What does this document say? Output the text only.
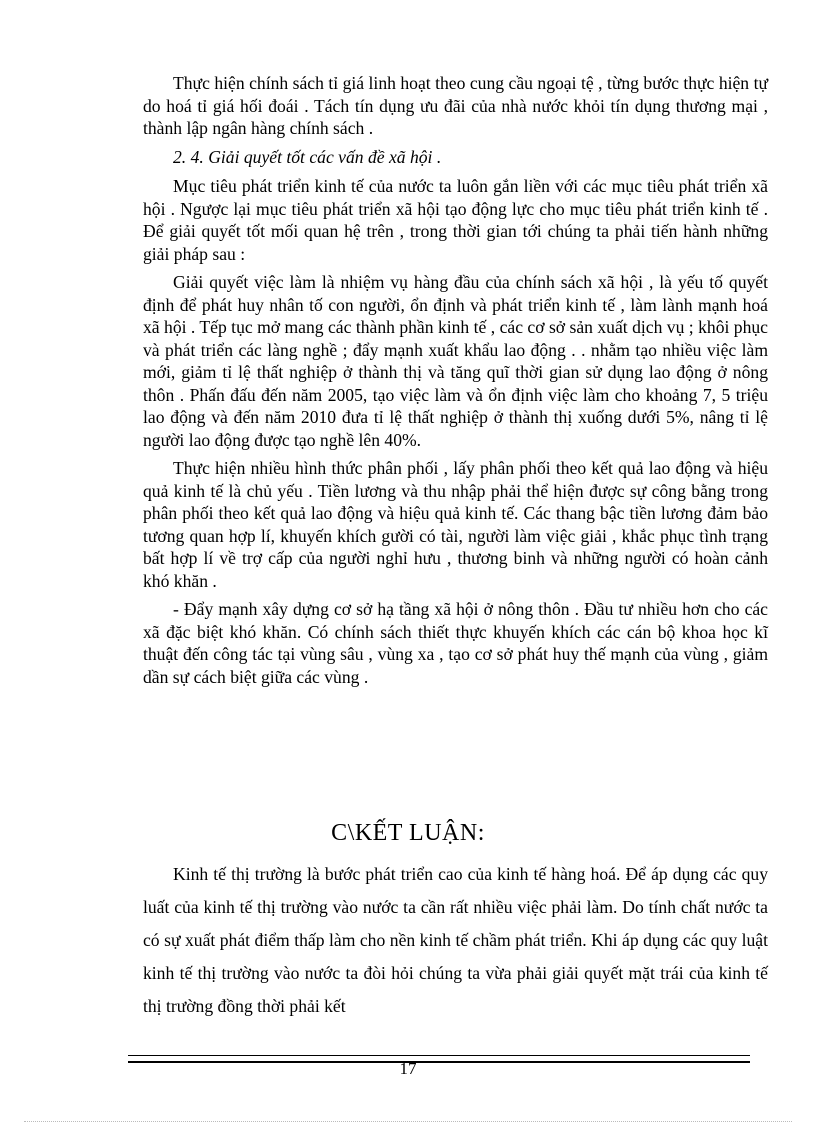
Thực hiện chính sách tỉ giá linh hoạt theo cung cầu ngoại tệ , từng bước thực hiện tự do hoá tỉ giá hối đoái . Tách tín dụng ưu đãi của nhà nước khỏi tín dụng thương mại , thành lập ngân hàng chính sách .

2. 4. Giải quyết tốt các vấn đề xã hội .

Mục tiêu phát triển kinh tế của nước ta luôn gắn liền với các mục tiêu phát triển xã hội . Ngược lại mục tiêu phát triển xã hội tạo động lực cho mục tiêu phát triển kinh tế . Để giải quyết tốt mối quan hệ trên , trong thời gian tới chúng ta phải tiến hành những giải pháp sau :

Giải quyết việc làm là nhiệm vụ hàng đầu của chính sách xã hội , là yếu tố quyết định để phát huy nhân tố con người, ổn định và phát triển kinh tế , làm lành mạnh hoá xã hội . Tếp tục mở mang các thành phần kinh tế , các cơ sở sản xuất dịch vụ ; khôi phục và phát triển các làng nghề ; đẩy mạnh xuất khẩu lao động . . nhằm tạo nhiều việc làm mới, giảm tỉ lệ thất nghiệp ở thành thị và tăng quĩ thời gian sử dụng lao động ở nông thôn . Phấn đấu đến năm 2005, tạo việc làm và ổn định việc làm cho khoảng 7, 5 triệu lao động và đến năm 2010 đưa tỉ lệ thất nghiệp ở thành thị xuống dưới 5%, nâng tỉ lệ người lao động được tạo nghề lên 40%.

Thực hiện nhiều hình thức phân phối , lấy phân phối theo kết quả lao động và hiệu quả kinh tế là chủ yếu . Tiền lương và thu nhập phải thể hiện được sự công bằng trong phân phối theo kết quả lao động và hiệu quả kinh tế. Các thang bậc tiền lương đảm bảo tương quan hợp lí, khuyến khích gười có tài, người làm việc giải , khắc phục tình trạng bất hợp lí về trợ cấp của người nghỉ hưu , thương binh và những người có hoàn cảnh khó khăn .

- Đẩy mạnh xây dựng cơ sở hạ tầng xã hội ở nông thôn . Đầu tư nhiều hơn cho các xã đặc biệt khó khăn. Có chính sách thiết thực khuyến khích các cán bộ khoa học kĩ thuật đến công tác tại vùng sâu , vùng xa , tạo cơ sở phát huy thế mạnh của vùng , giảm dần sự cách biệt giữa các vùng .

C\KẾT LUẬN:

Kinh tế thị trường là bước phát triển cao của kinh tế hàng hoá. Để áp dụng các quy luất của kinh tế thị trường vào nước ta cần rất nhiều việc phải làm. Do tính chất nước ta có sự xuất phát điểm thấp làm cho nền kinh tế chầm phát triển. Khi áp dụng các quy luật kinh tế thị trường vào nước ta đòi hỏi chúng ta vừa phải giải quyết mặt trái của kinh tế thị trường đồng thời phải kết

17
